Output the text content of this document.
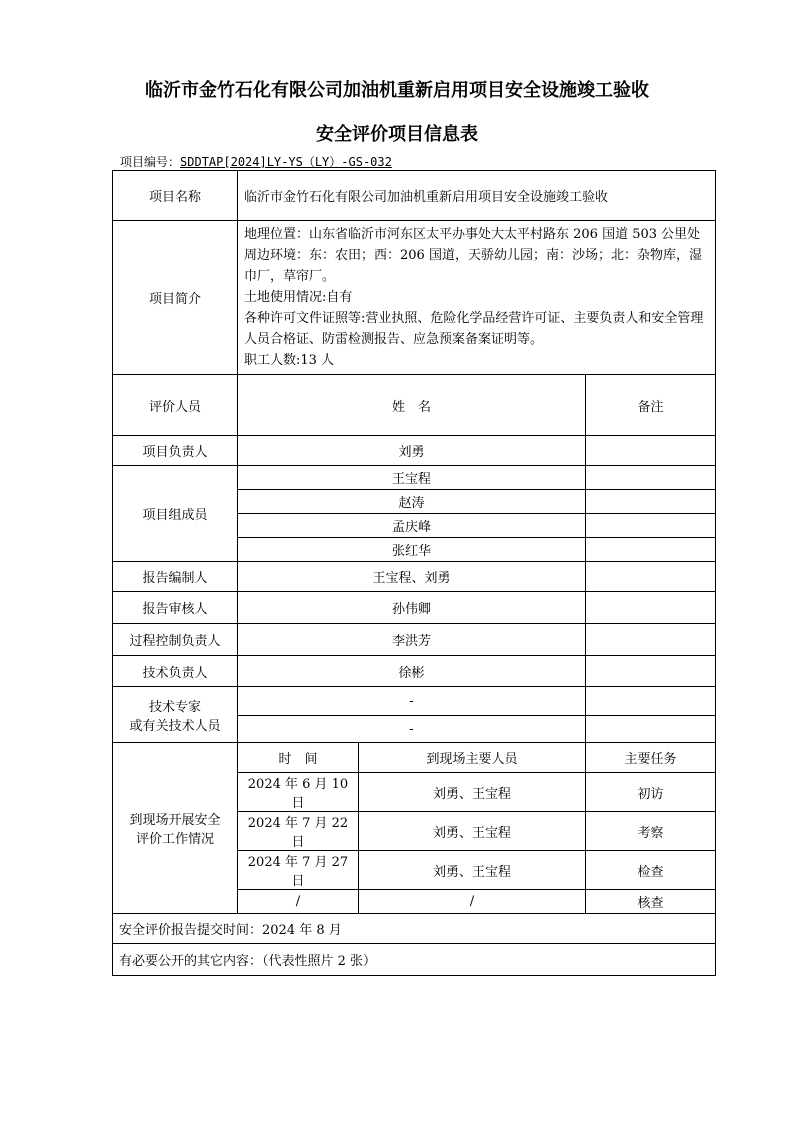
临沂市金竹石化有限公司加油机重新启用项目安全设施竣工验收
安全评价项目信息表
项目编号：SDDTAP[2024]LY-YS（LY）-GS-032
项目名称	临沂市金竹石化有限公司加油机重新启用项目安全设施竣工验收		
项目简介	地理位置：山东省临沂市河东区太平办事处大太平村路东 206 国道 503 公里处

周边环境：东：农田；西：206 国道，天骄幼儿园；南：沙场；北：杂物库，湿巾厂，草帘厂。

土地使用情况:自有

各种许可文件证照等:营业执照、危险化学品经营许可证、主要负责人和安全管理人员合格证、防雷检测报告、应急预案备案证明等。

职工人数:13 人		

评价人员	姓　名		备注
项目负责人	刘勇		
项目组成员	王宝程		
	赵涛		
	孟庆峰		
	张红华		
报告编制人	王宝程、刘勇		
报告审核人	孙伟卿		
过程控制负责人	李洪芳		
技术负责人	徐彬		

技术专家
或有关技术人员	-		
	-		

到现场开展安全
评价工作情况	时　间	到现场主要人员	主要任务
	2024 年 6 月 10 日	刘勇、王宝程	初访
	2024 年 7 月 22 日	刘勇、王宝程	考察
	2024 年 7 月 27 日	刘勇、王宝程	检查
	/	/	核查
安全评价报告提交时间：2024 年 8 月			
有必要公开的其它内容：（代表性照片 2 张）			
